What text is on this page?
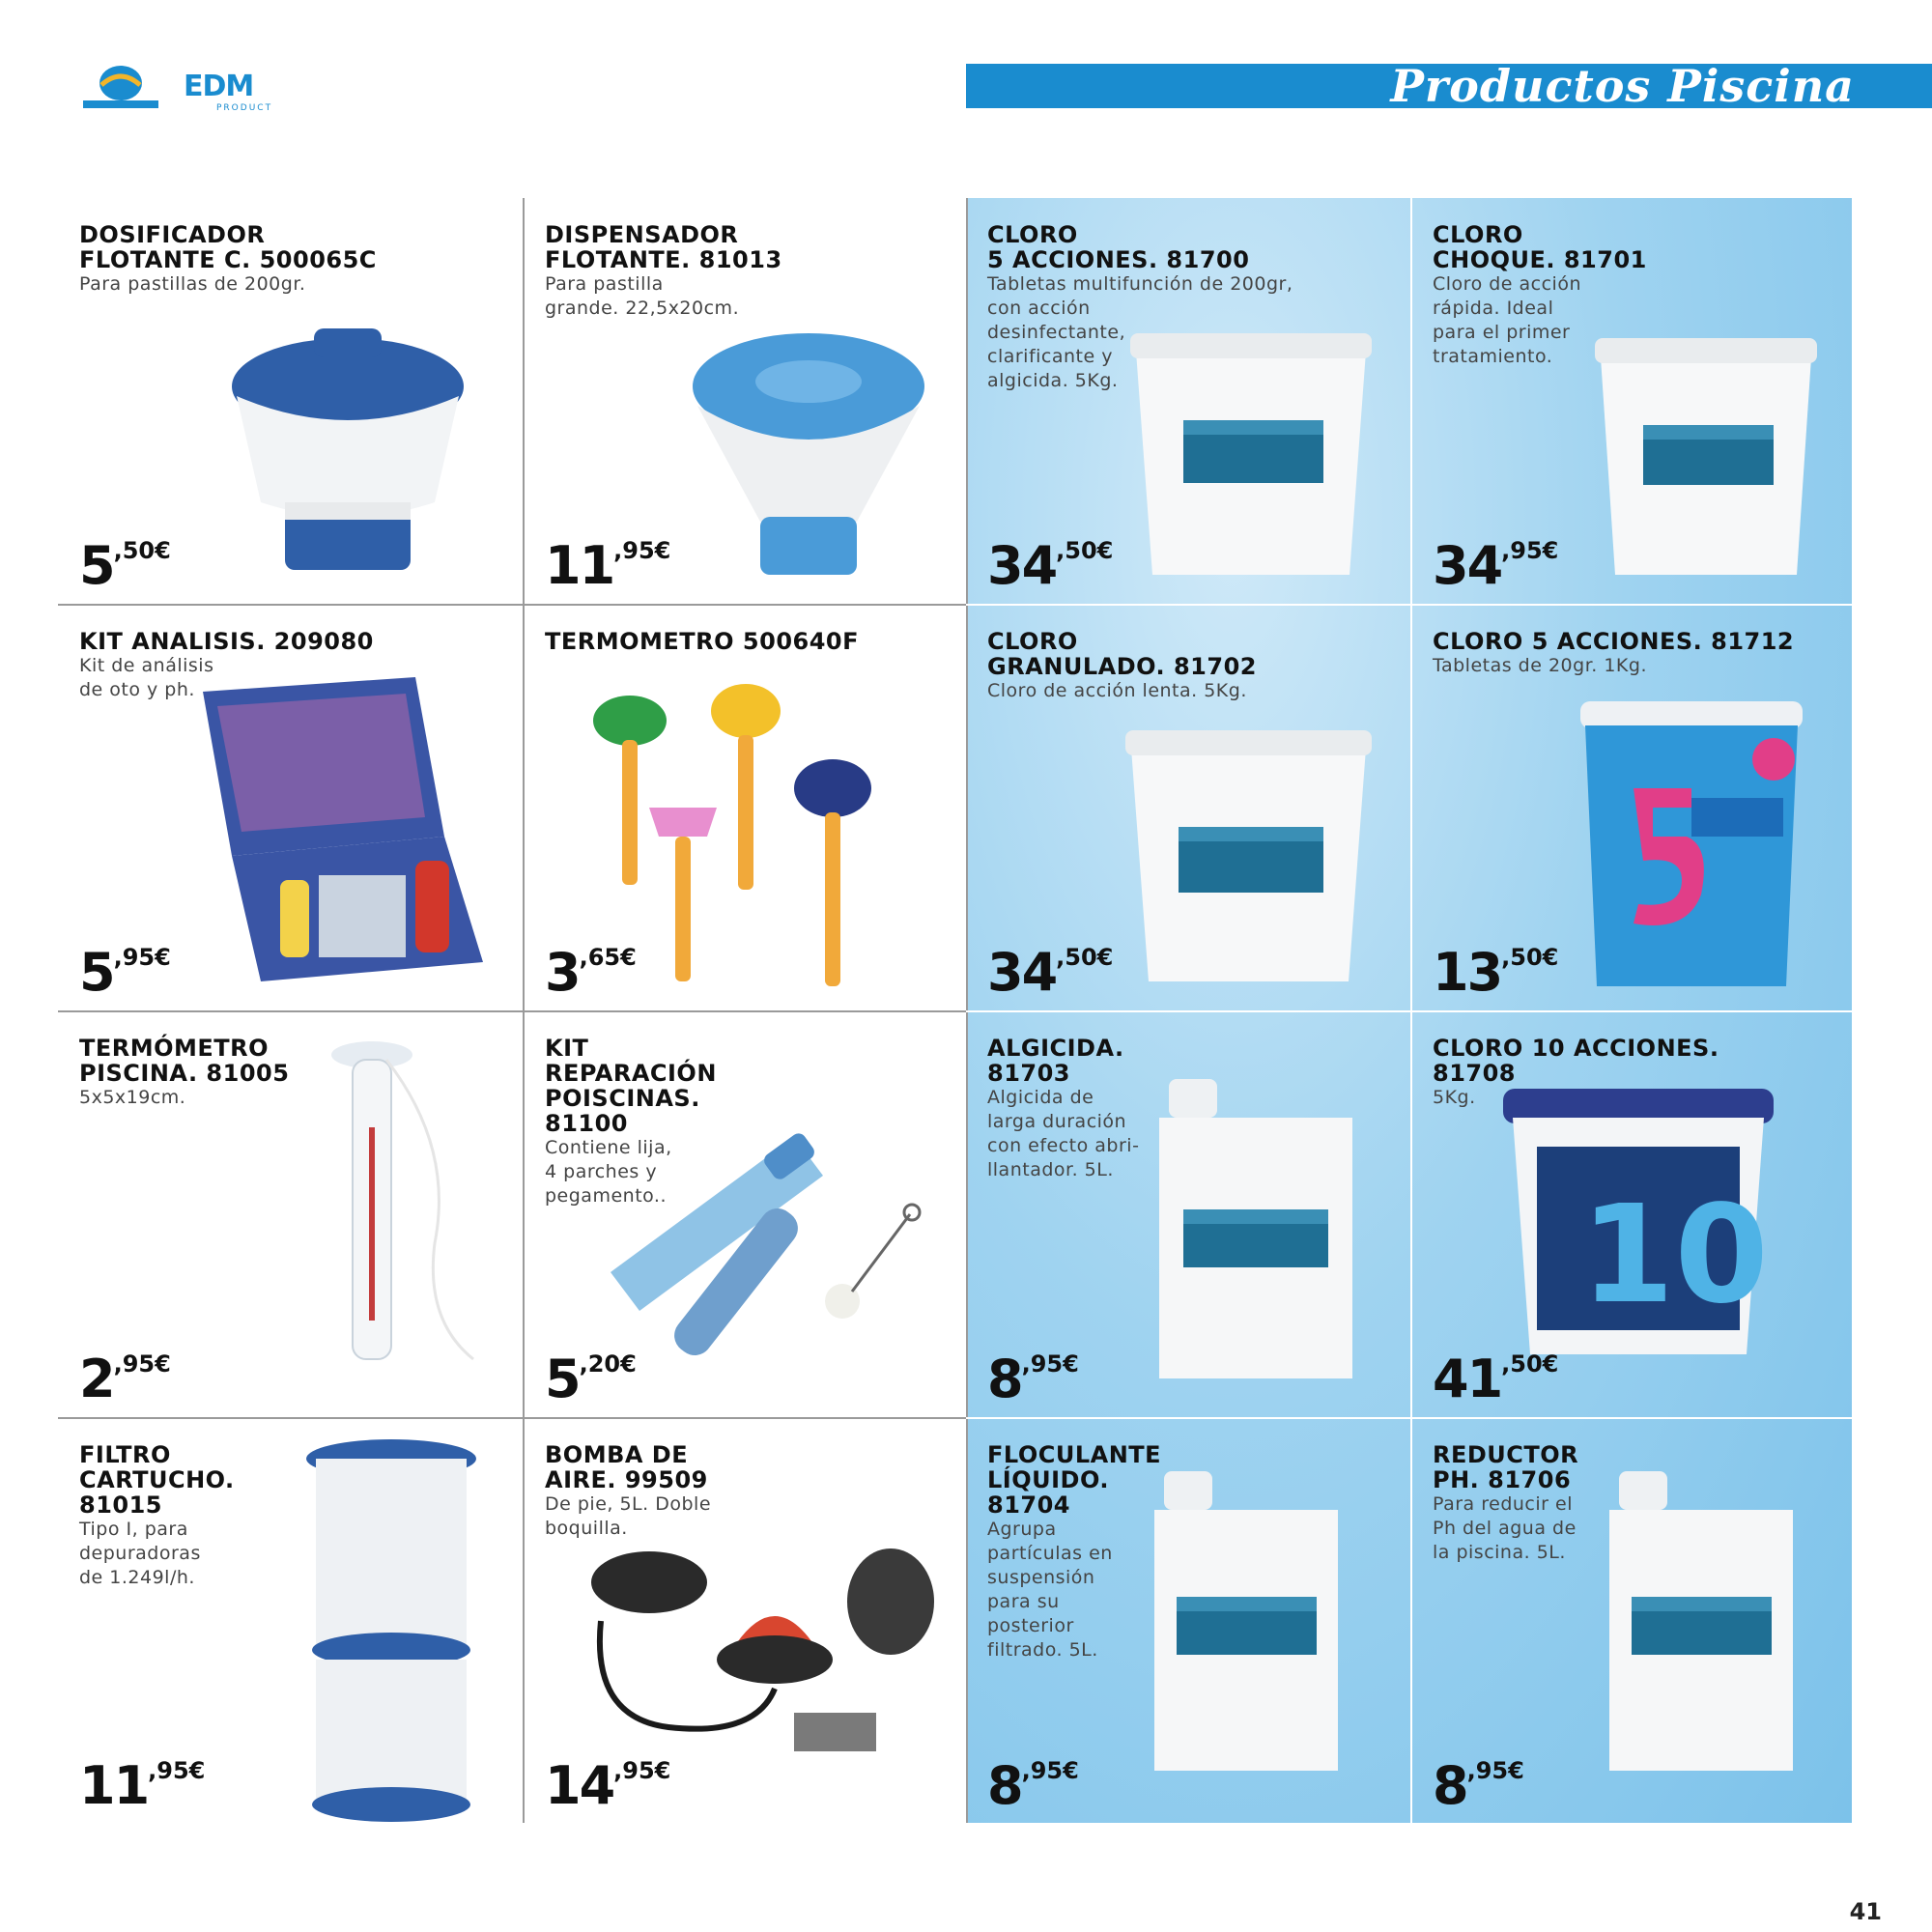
EDM
PRODUCT	Productos Piscina
DOSIFICADOR
FLOTANTE C. 500065C
Para pastillas de 200gr.
5,50€
DISPENSADOR
FLOTANTE. 81013
Para pastilla
grande. 22,5x20cm.
11,95€
CLORO
5 ACCIONES. 81700
Tabletas multifunción de 200gr,
con acción
desinfectante,
clarificante y
algicida. 5Kg.
34,50€
CLORO
CHOQUE. 81701
Cloro de acción
rápida. Ideal
para el primer
tratamiento.
34,95€
KIT ANALISIS. 209080
Kit de análisis
de oto y ph.
5,95€
TERMOMETRO 500640F
3,65€
CLORO
GRANULADO. 81702
Cloro de acción lenta. 5Kg.
34,50€
CLORO 5 ACCIONES. 81712
Tabletas de 20gr. 1Kg.
13,50€
TERMÓMETRO
PISCINA. 81005
5x5x19cm.
2,95€
KIT
REPARACIÓN
POISCINAS.
81100
Contiene lija,
4 parches y
pegamento..
5,20€
ALGICIDA.
81703
Algicida de
larga duración
con efecto abri-
llantador. 5L.
8,95€
CLORO 10 ACCIONES.
81708
5Kg.
10
41,50€
FILTRO
CARTUCHO.
81015
Tipo I, para
depuradoras
de 1.249l/h.
11,95€
BOMBA DE
AIRE. 99509
De pie, 5L. Doble
boquilla.
14,95€
FLOCULANTE
LÍQUIDO.
81704
Agrupa
partículas en
suspensión
para su
posterior
filtrado. 5L.
8,95€
REDUCTOR
PH. 81706
Para reducir el
Ph del agua de
la piscina. 5L.
8,95€
41
